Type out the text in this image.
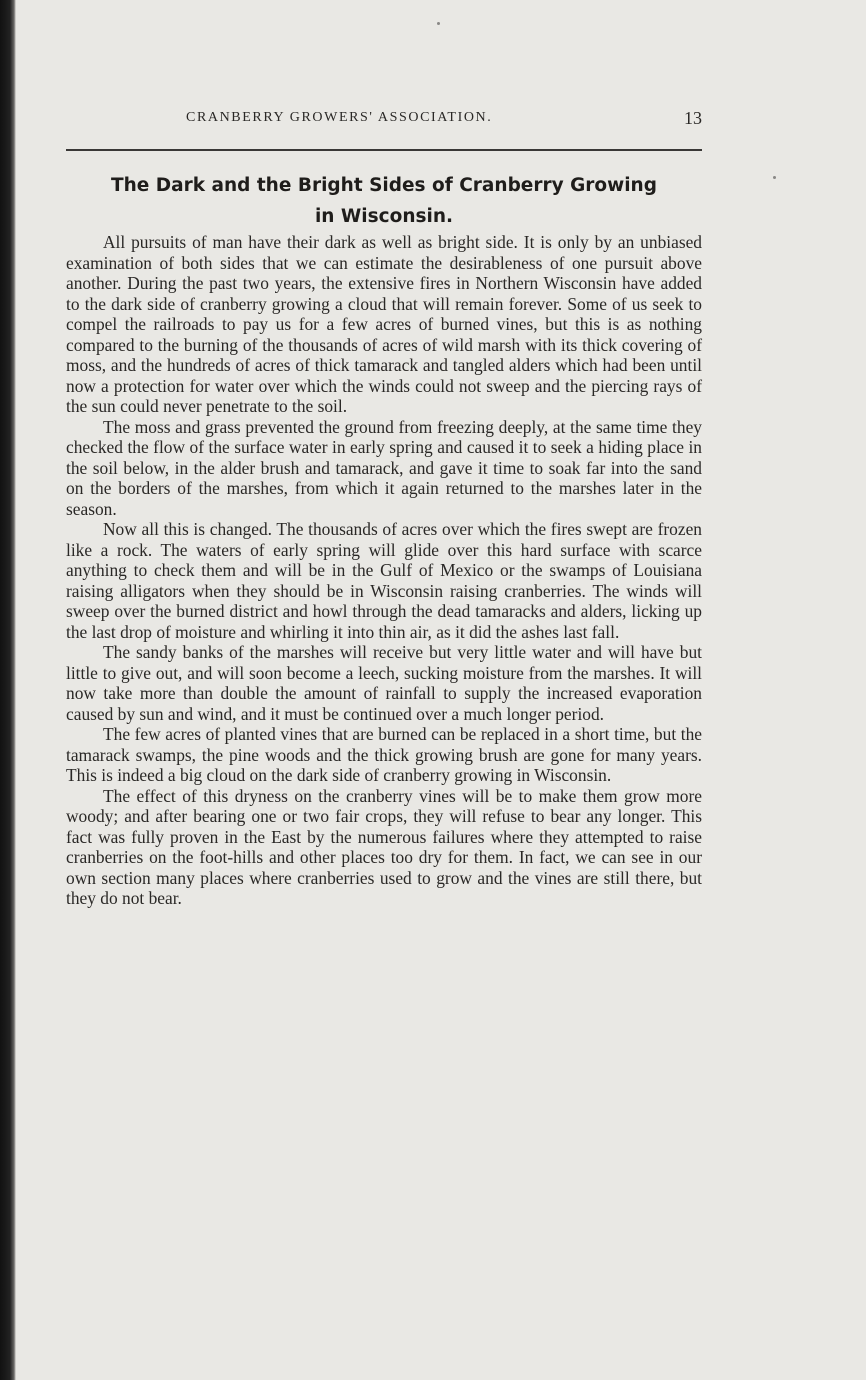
CRANBERRY GROWERS' ASSOCIATION.	13
The Dark and the Bright Sides of Cranberry Growing
in Wisconsin.

All pursuits of man have their dark as well as bright side. It is only by an unbiased examination of both sides that we can estimate the desirableness of one pursuit above another. During the past two years, the extensive fires in Northern Wisconsin have added to the dark side of cranberry growing a cloud that will remain forever. Some of us seek to compel the railroads to pay us for a few acres of burned vines, but this is as nothing compared to the burning of the thousands of acres of wild marsh with its thick covering of moss, and the hundreds of acres of thick tamarack and tangled alders which had been until now a protection for water over which the winds could not sweep and the piercing rays of the sun could never penetrate to the soil.

The moss and grass prevented the ground from freezing deeply, at the same time they checked the flow of the surface water in early spring and caused it to seek a hiding place in the soil below, in the alder brush and tamarack, and gave it time to soak far into the sand on the borders of the marshes, from which it again returned to the marshes later in the season.

Now all this is changed. The thousands of acres over which the fires swept are frozen like a rock. The waters of early spring will glide over this hard surface with scarce anything to check them and will be in the Gulf of Mexico or the swamps of Louisiana raising alligators when they should be in Wisconsin raising cranberries. The winds will sweep over the burned district and howl through the dead tamaracks and alders, licking up the last drop of moisture and whirling it into thin air, as it did the ashes last fall.

The sandy banks of the marshes will receive but very little water and will have but little to give out, and will soon become a leech, sucking moisture from the marshes. It will now take more than double the amount of rainfall to supply the increased evaporation caused by sun and wind, and it must be continued over a much longer period.

The few acres of planted vines that are burned can be replaced in a short time, but the tamarack swamps, the pine woods and the thick growing brush are gone for many years. This is indeed a big cloud on the dark side of cranberry growing in Wisconsin.

The effect of this dryness on the cranberry vines will be to make them grow more woody; and after bearing one or two fair crops, they will refuse to bear any longer. This fact was fully proven in the East by the numerous failures where they attempted to raise cranberries on the foot-hills and other places too dry for them. In fact, we can see in our own section many places where cranberries used to grow and the vines are still there, but they do not bear.
